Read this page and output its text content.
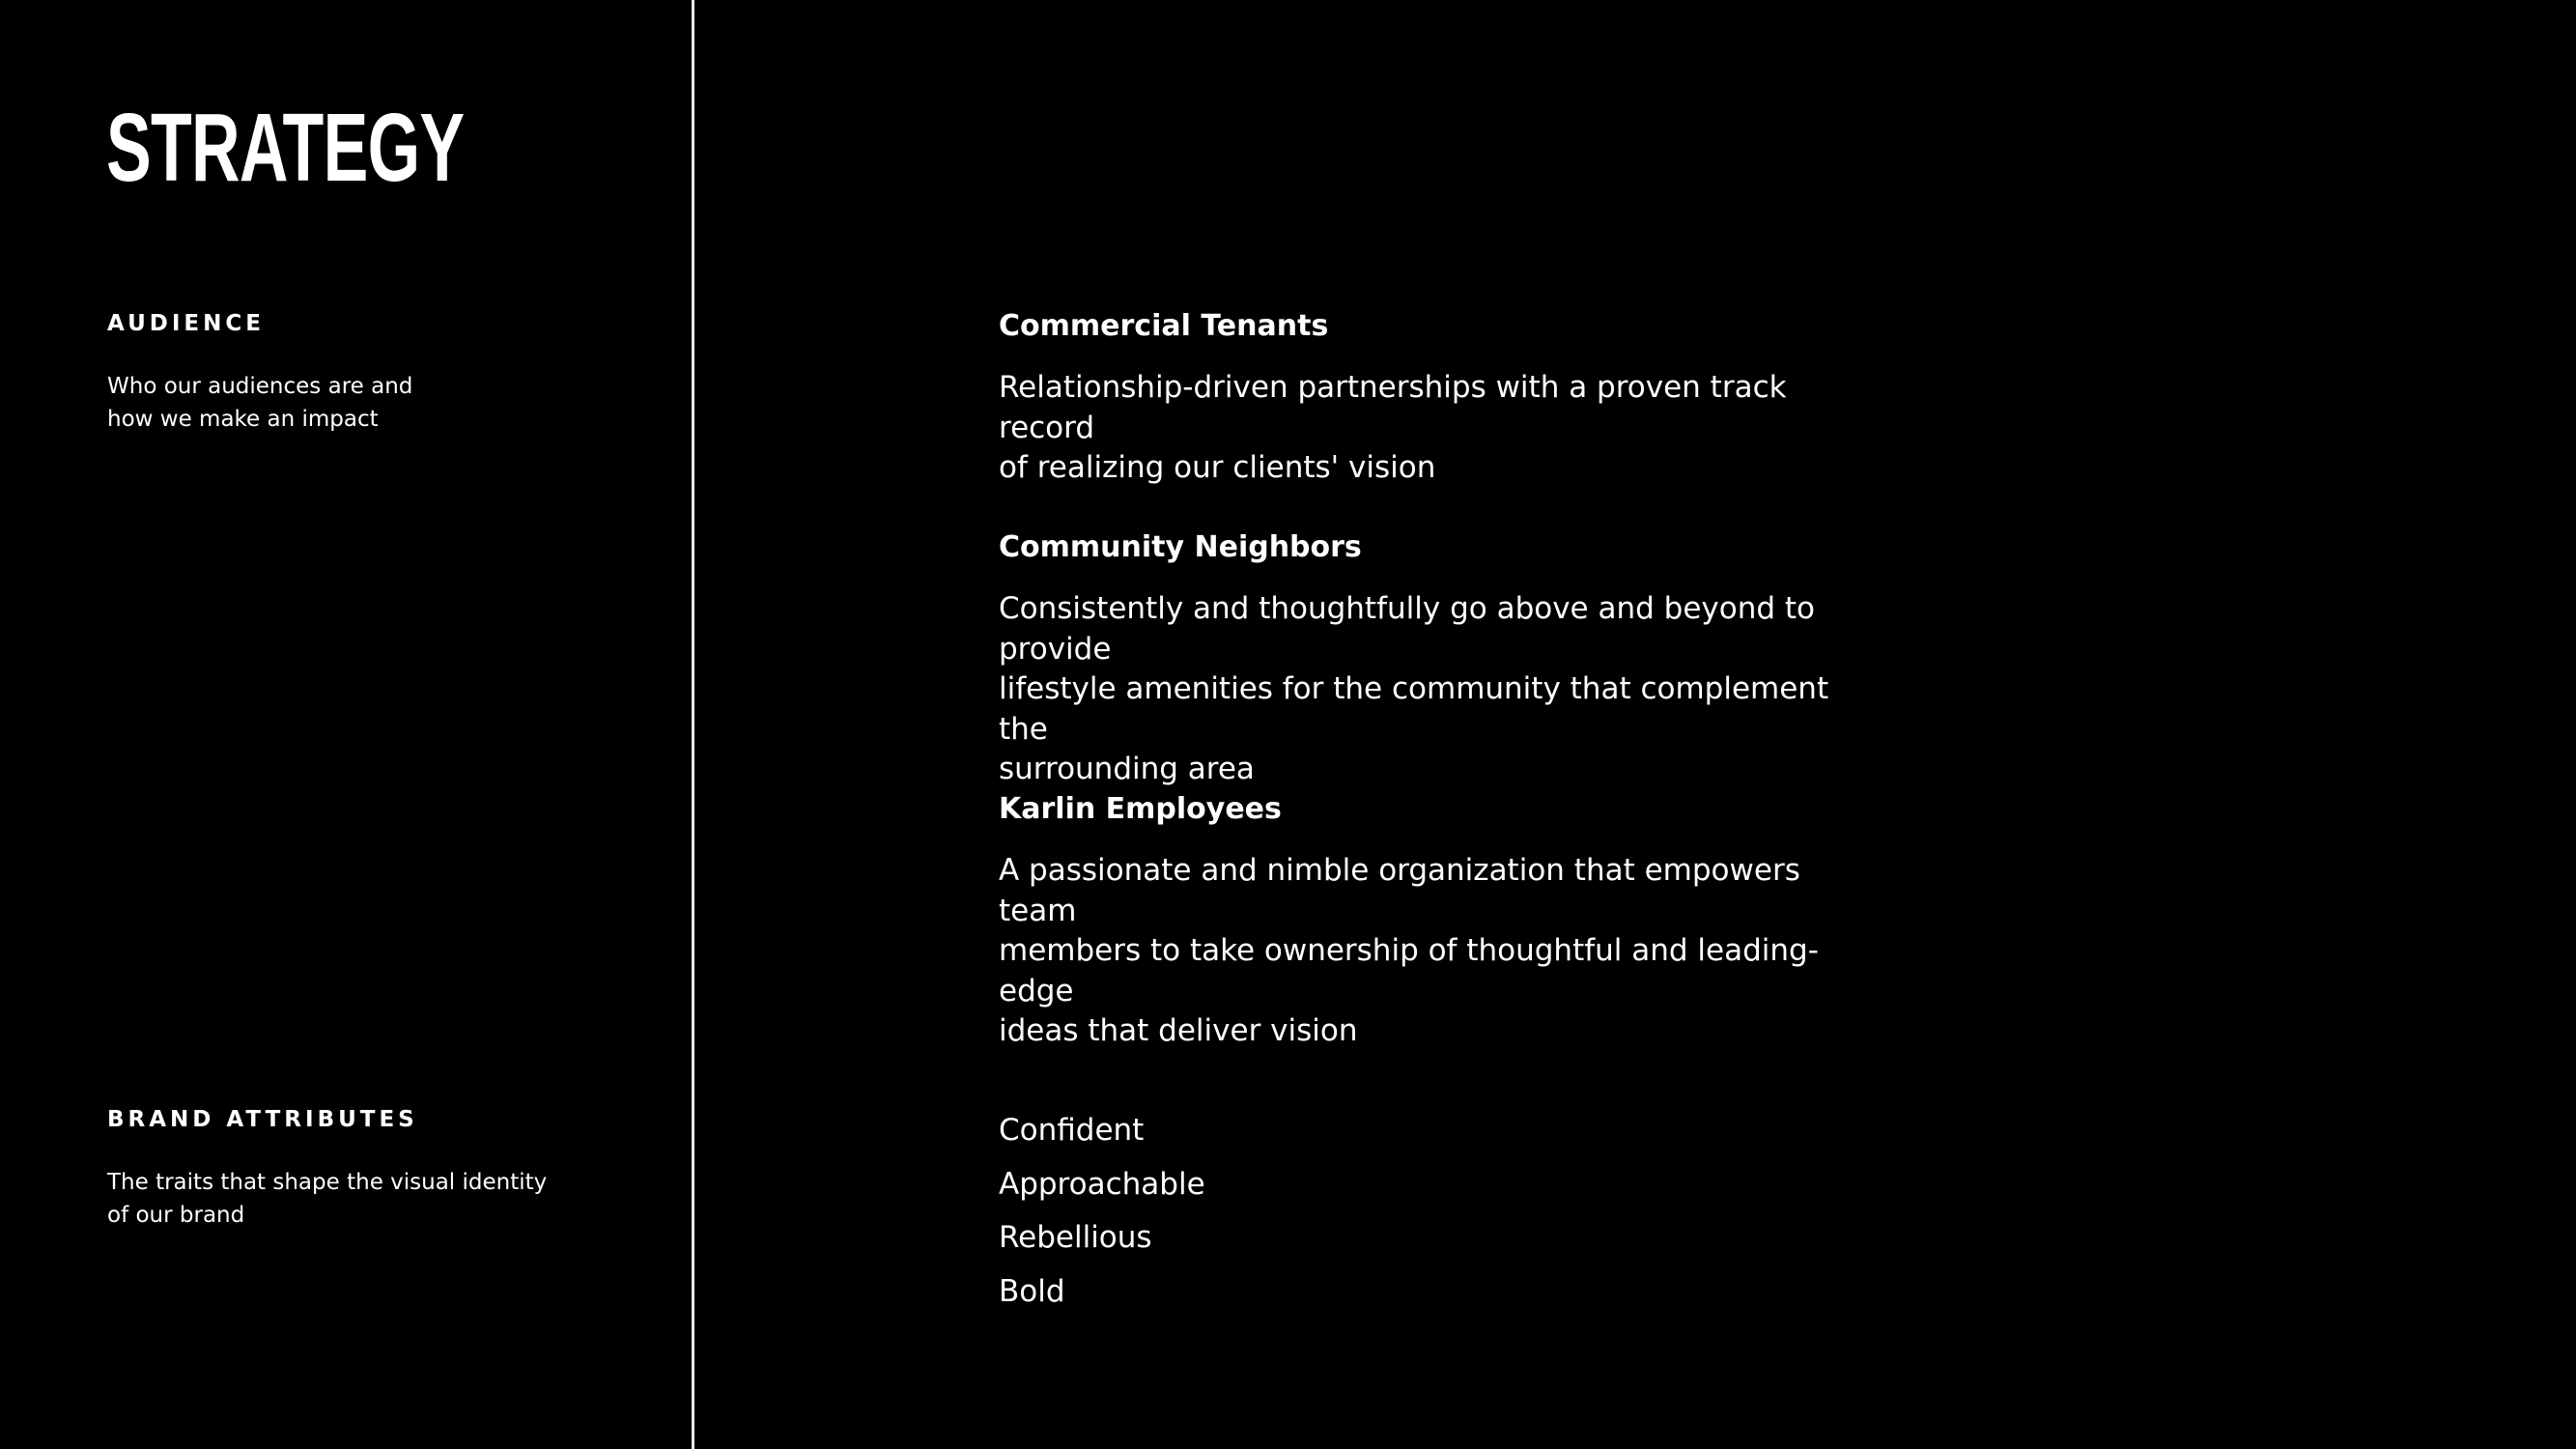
STRATEGY
AUDIENCE

Who our audiences are and
how we make an impact

Commercial Tenants

Relationship-driven partnerships with a proven track record
of realizing our clients' vision

Community Neighbors

Consistently and thoughtfully go above and beyond to provide
lifestyle amenities for the community that complement the
surrounding area

Karlin Employees

A passionate and nimble organization that empowers team
members to take ownership of thoughtful and leading-edge
ideas that deliver vision

BRAND ATTRIBUTES

The traits that shape the visual identity
of our brand

Confident
Approachable
Rebellious
Bold
